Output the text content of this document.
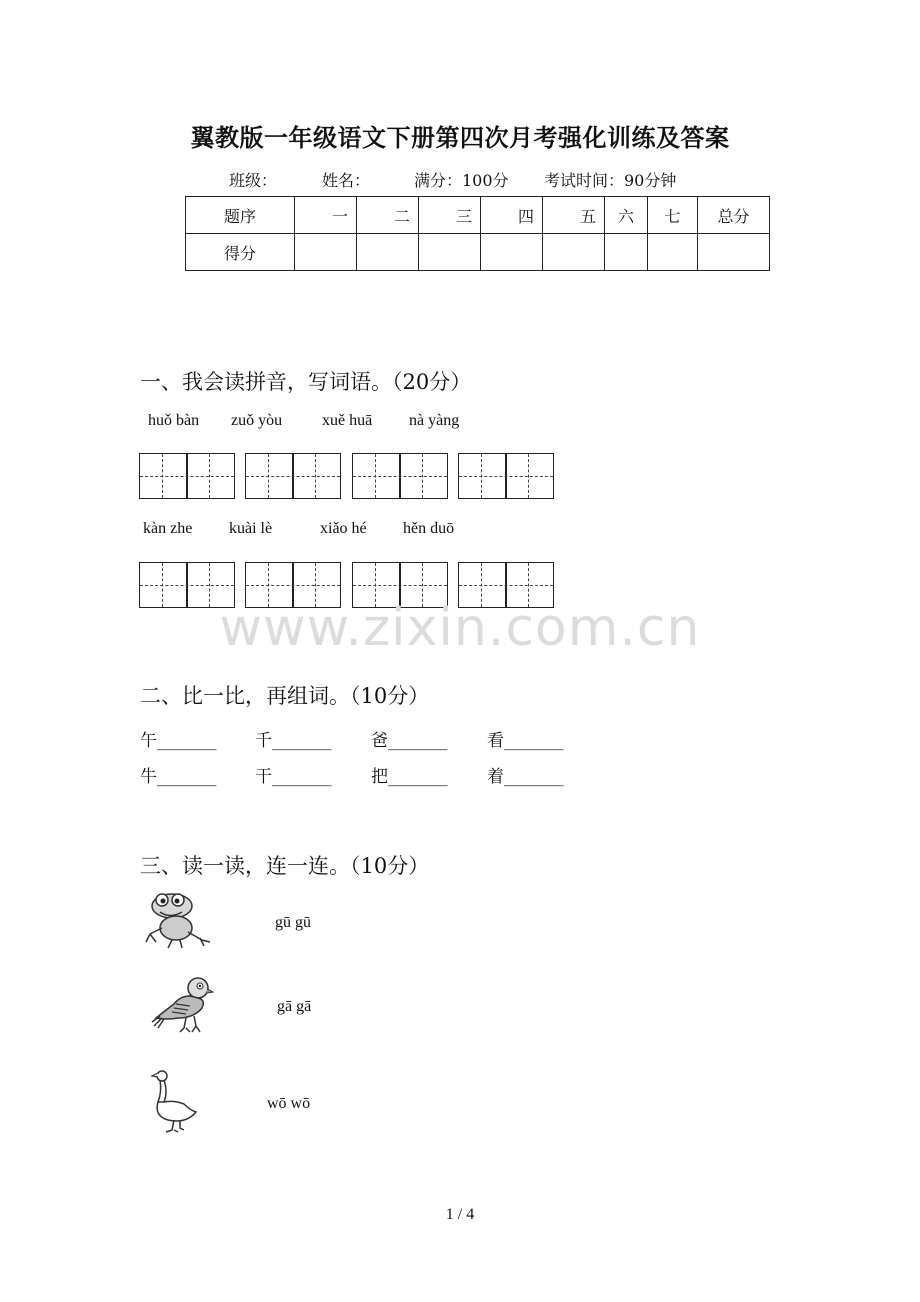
翼教版一年级语文下册第四次月考强化训练及答案
班级：	姓名：	满分：100分 考试时间：90分钟
题序	一	二	三	四	五	六	七	总分
得分								
一、我会读拼音，写词语。（20分）
huǒ bàn zuǒ yòu xuě huā nà yàng
kàn zhe kuài lè	xiǎo hé hěn duō
www.zixin.com.cn
二、比一比，再组词。（10分）
午_______ 千_______ 爸_______ 看_______
牛_______ 干_______ 把_______ 着_______
三、读一读，连一连。（10分）
gū gū
gā gā
wō wō
1 / 4
